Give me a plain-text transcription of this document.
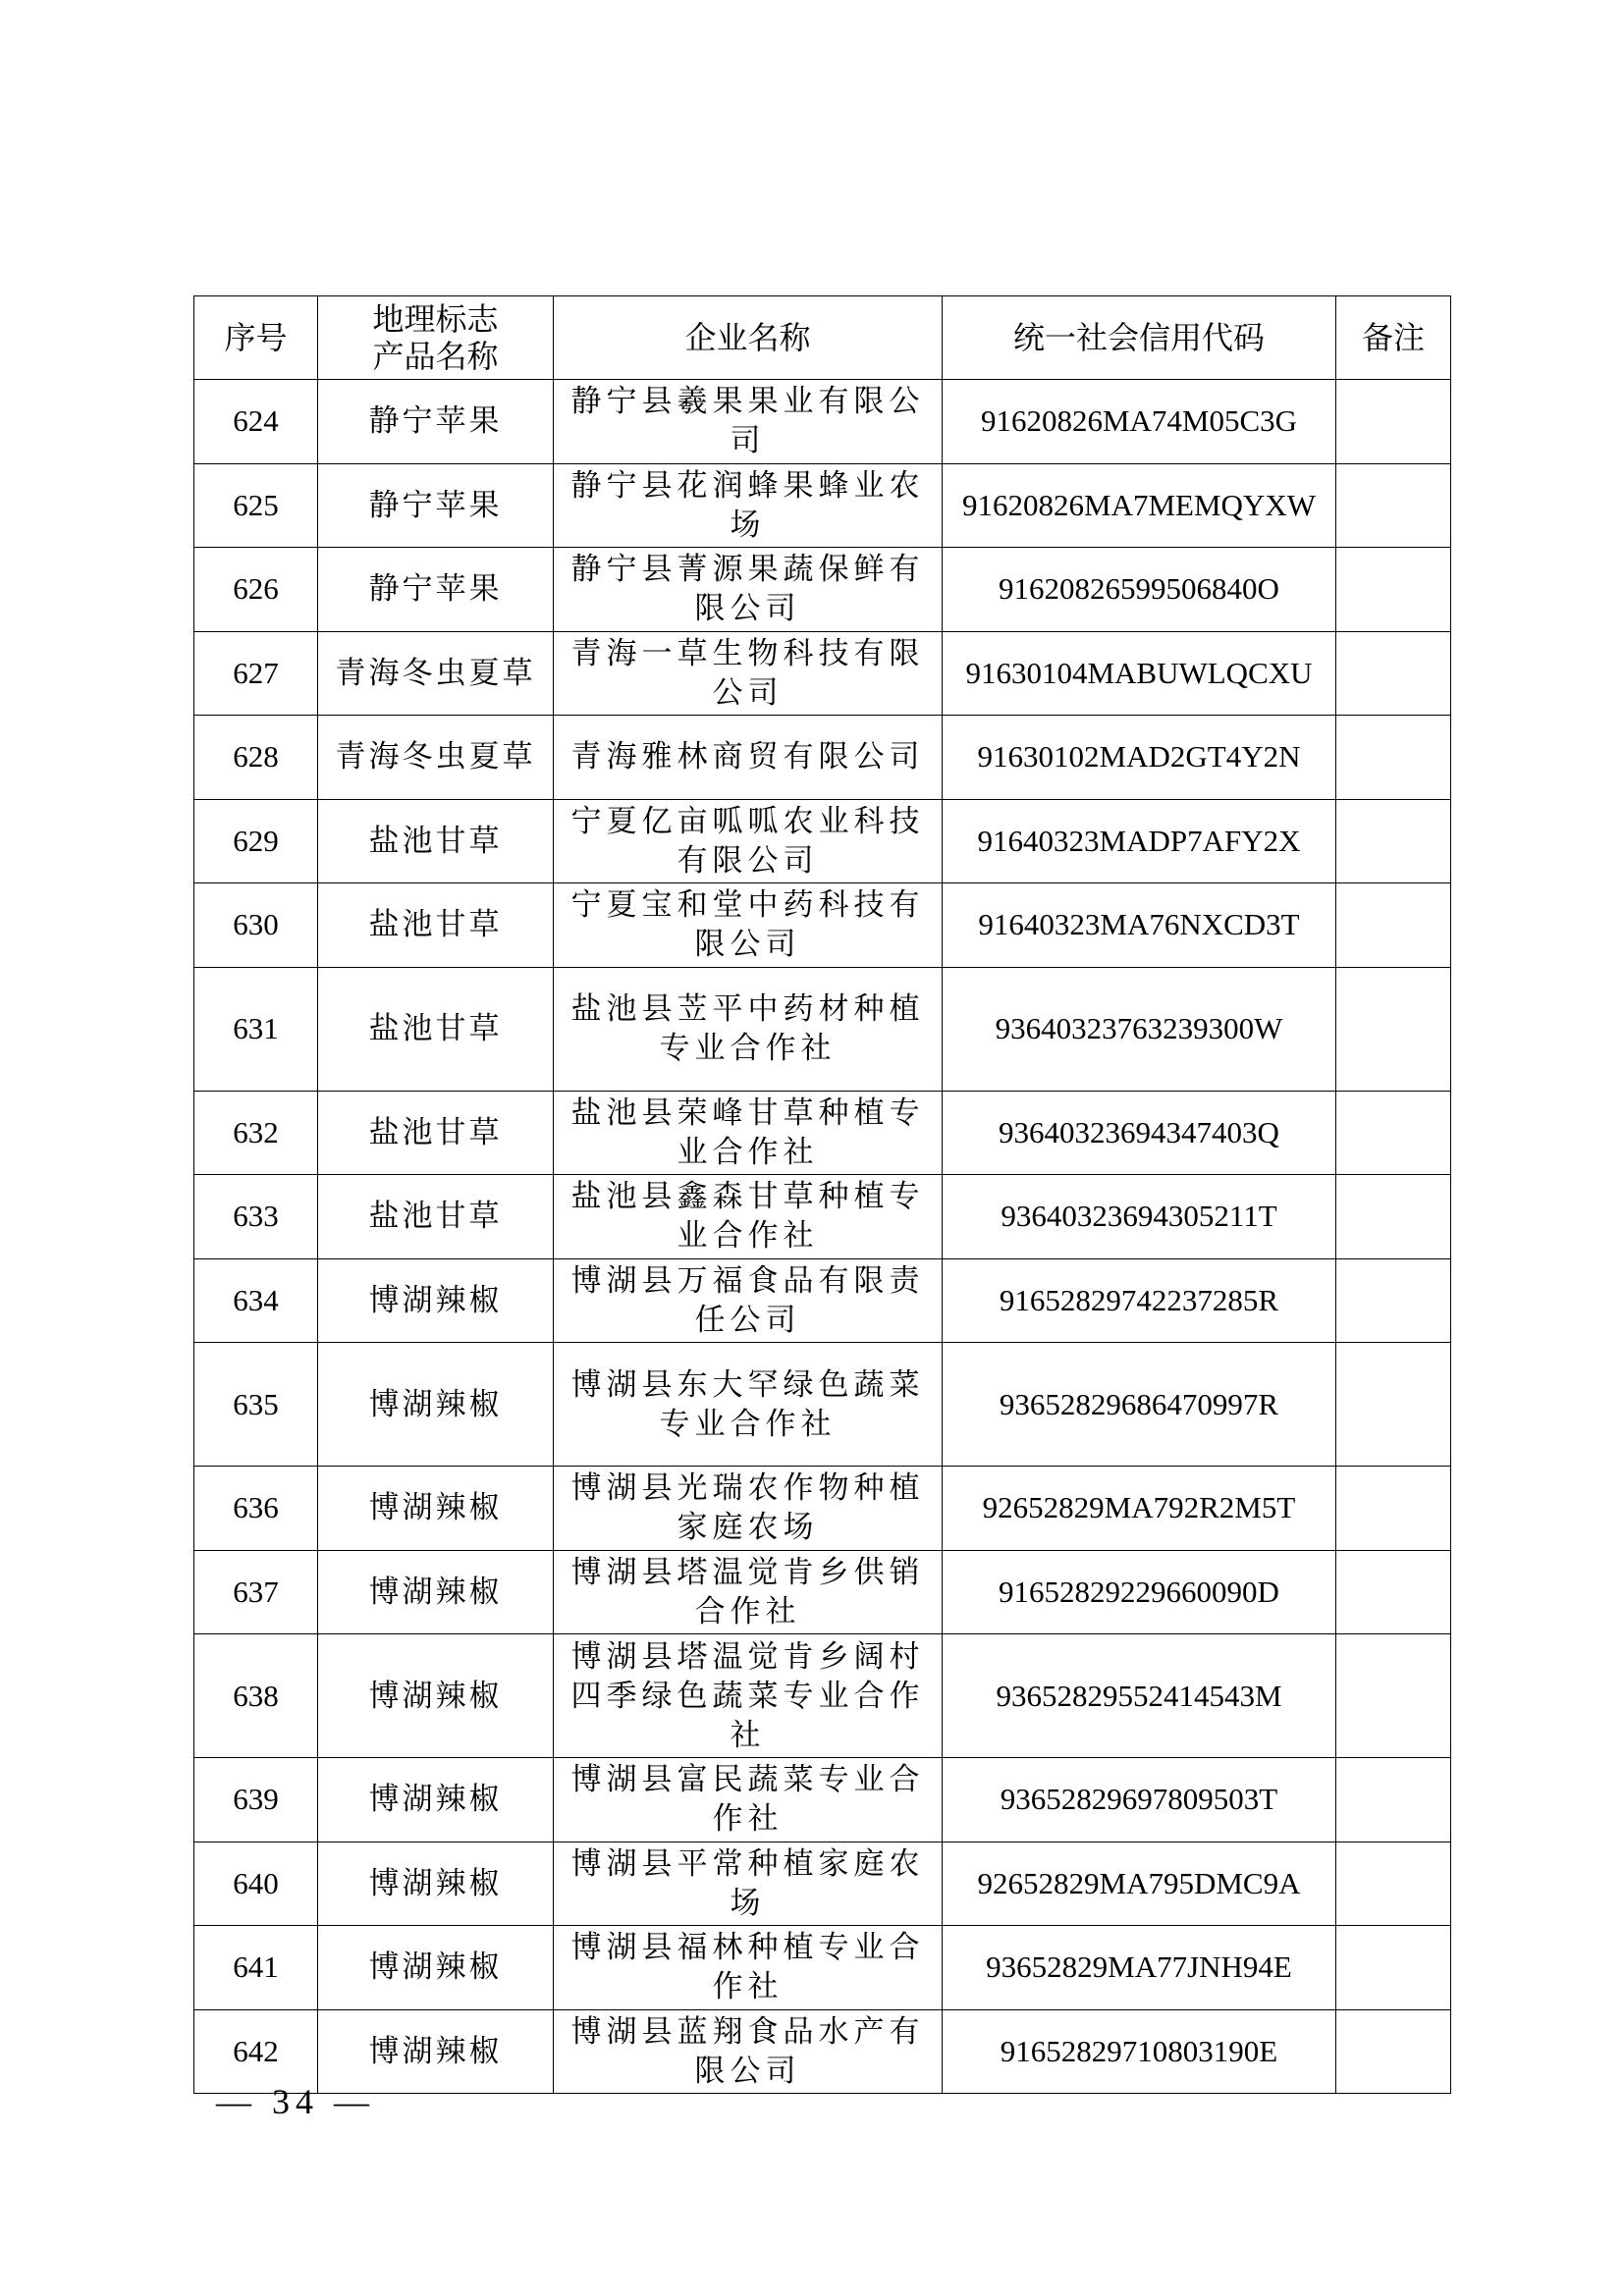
序号	地理标志产品名称	企业名称	统一社会信用代码	备注
624	静宁苹果	静宁县羲果果业有限公司	91620826MA74M05C3G	
625	静宁苹果	静宁县花润蜂果蜂业农场	91620826MA7MEMQYXW	
626	静宁苹果	静宁县菁源果蔬保鲜有限公司	91620826599506840O	
627	青海冬虫夏草	青海一草生物科技有限公司	91630104MABUWLQCXU	
628	青海冬虫夏草	青海雅林商贸有限公司	91630102MAD2GT4Y2N	
629	盐池甘草	宁夏亿亩呱呱农业科技有限公司	91640323MADP7AFY2X	
630	盐池甘草	宁夏宝和堂中药科技有限公司	91640323MA76NXCD3T	
631	盐池甘草	盐池县苙平中药材种植专业合作社	93640323763239300W	
632	盐池甘草	盐池县荣峰甘草种植专业合作社	93640323694347403Q	
633	盐池甘草	盐池县鑫森甘草种植专业合作社	93640323694305211T	
634	博湖辣椒	博湖县万福食品有限责任公司	91652829742237285R	
635	博湖辣椒	博湖县东大罕绿色蔬菜专业合作社	93652829686470997R	
636	博湖辣椒	博湖县光瑞农作物种植家庭农场	92652829MA792R2M5T	
637	博湖辣椒	博湖县塔温觉肯乡供销合作社	91652829229660090D	
638	博湖辣椒	博湖县塔温觉肯乡阔村四季绿色蔬菜专业合作社	93652829552414543M	
639	博湖辣椒	博湖县富民蔬菜专业合作社	93652829697809503T	
640	博湖辣椒	博湖县平常种植家庭农场	92652829MA795DMC9A	
641	博湖辣椒	博湖县福林种植专业合作社	93652829MA77JNH94E	
642	博湖辣椒	博湖县蓝翔食品水产有限公司	91652829710803190E	
— 34 —
